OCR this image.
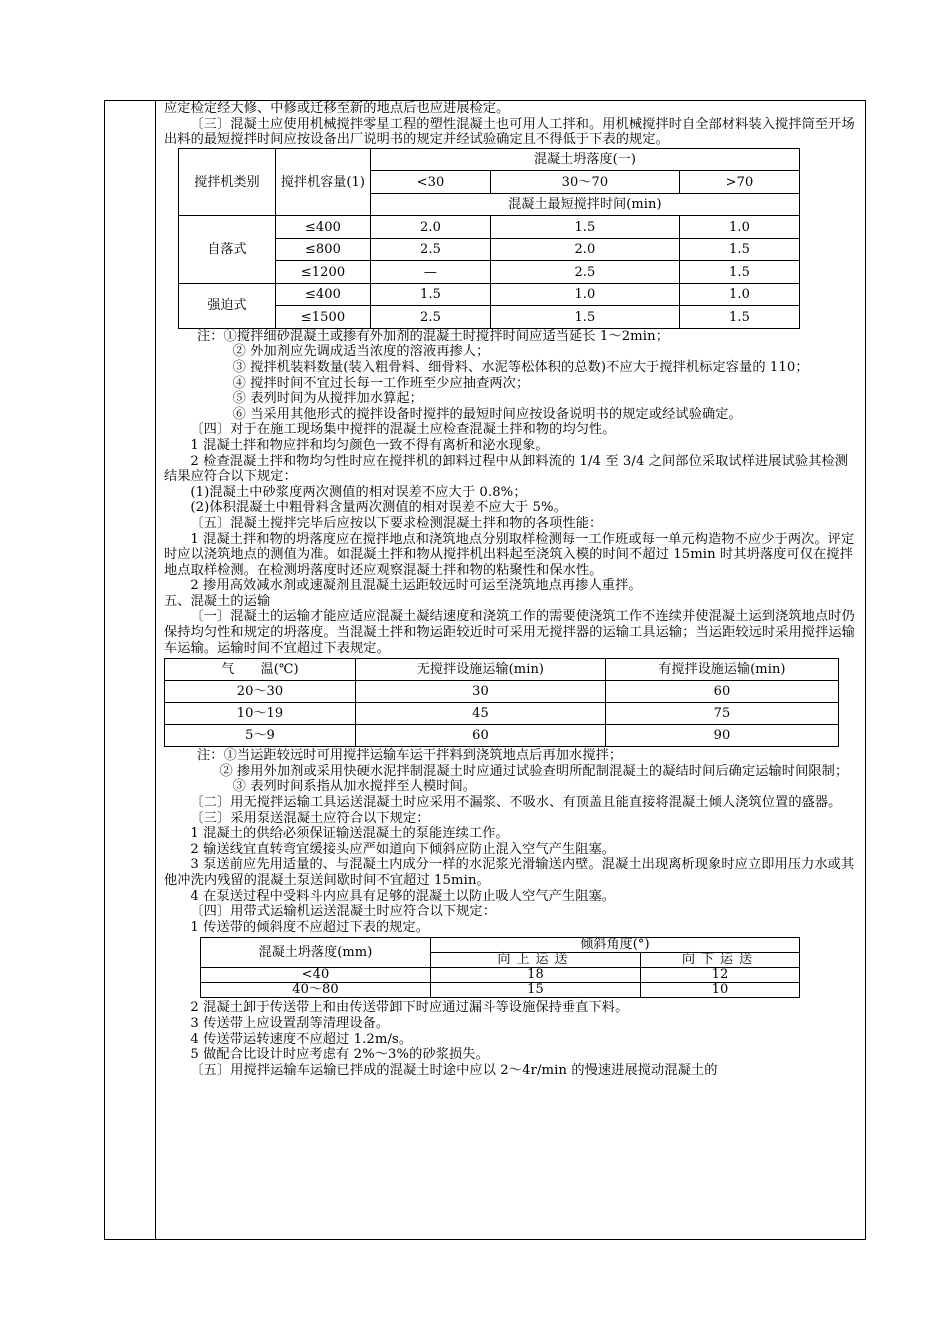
应定检定经大修、中修或迁移至新的地点后也应进展检定。

〔三〕混凝土应使用机械搅拌零星工程的塑性混凝土也可用人工拌和。用机械搅拌时自全部材料装入搅拌筒至开场出料的最短搅拌时间应按设备出厂说明书的规定并经试验确定且不得低于下表的规定。

搅拌机类别	搅拌机容量(1)	混凝土坍落度(一)		
		<30	30～70	>70
		混凝土最短搅拌时间(min)		
自落式	≤400	2.0	1.5	1.0
	≤800	2.5	2.0	1.5
	≤1200	—	2.5	1.5
强迫式	≤400	1.5	1.0	1.0
	≤1500	2.5	1.5	1.5

注：①搅拌细砂混凝土或掺有外加剂的混凝土时搅拌时间应适当延长 1～2min；

② 外加剂应先调成适当浓度的溶液再掺人；

③ 搅拌机装料数量(装入粗骨料、细骨料、水泥等松体积的总数)不应大于搅拌机标定容量的 110；

④ 搅拌时间不宜过长每一工作班至少应抽查两次；

⑤ 表列时间为从搅拌加水算起；

⑥ 当采用其他形式的搅拌设备时搅拌的最短时间应按设备说明书的规定或经试验确定。

〔四〕对于在施工现场集中搅拌的混凝土应检查混凝土拌和物的均匀性。

1 混凝土拌和物应拌和均匀颜色一致不得有离析和泌水现象。

2 检查混凝土拌和物均匀性时应在搅拌机的卸料过程中从卸料流的 1/4 至 3/4 之间部位采取试样进展试验其检测结果应符合以下规定：

(1)混凝土中砂浆度两次测值的相对误差不应大于 0.8%；

(2)体积混凝土中粗骨料含量两次测值的相对误差不应大于 5%。

〔五〕混凝土搅拌完毕后应按以下要求检测混凝土拌和物的各项性能：

1 混凝土拌和物的坍落度应在搅拌地点和浇筑地点分别取样检测每一工作班或每一单元构造物不应少于两次。评定时应以浇筑地点的测值为准。如混凝土拌和物从搅拌机出料起至浇筑入模的时间不超过 15min 时其坍落度可仅在搅拌地点取样检测。在检测坍落度时还应观察混凝土拌和物的粘聚性和保水性。

2 掺用高效减水剂或速凝剂且混凝土运距较远时可运至浇筑地点再掺人重拌。

五、混凝土的运输

〔一〕混凝土的运输才能应适应混凝土凝结速度和浇筑工作的需要使浇筑工作不连续并使混凝土运到浇筑地点时仍保持均匀性和规定的坍落度。当混凝土拌和物运距较近时可采用无搅拌器的运输工具运输；当运距较远时采用搅拌运输车运输。运输时间不宜超过下表规定。

气　　温(℃)	无搅拌设施运输(min)	有搅拌设施运输(min)
20～30	30	60
10～19	45	75
5～9	60	90

注：①当运距较远时可用搅拌运输车运干拌料到浇筑地点后再加水搅拌；

② 掺用外加剂或采用快硬水泥拌制混凝土时应通过试验查明所配制混凝土的凝结时间后确定运输时间限制；

③ 表列时间系指从加水搅拌至人模时间。

〔二〕用无搅拌运输工具运送混凝土时应采用不漏浆、不吸水、有顶盖且能直接将混凝土倾人浇筑位置的盛器。

〔三〕采用泵送混凝土应符合以下规定：

1 混凝土的供给必须保证输送混凝土的泵能连续工作。

2 输送线宜直转弯宜缓接头应严如道向下倾斜应防止混入空气产生阻塞。

3 泵送前应先用适量的、与混凝土内成分一样的水泥浆光滑输送内壁。混凝土出现离析现象时应立即用压力水或其他冲洗内残留的混凝土泵送间歇时间不宜超过 15min。

4 在泵送过程中受料斗内应具有足够的混凝土以防止吸人空气产生阻塞。

〔四〕用带式运输机运送混凝土时应符合以下规定：

1 传送带的倾斜度不应超过下表的规定。

混凝土坍落度(mm)	倾斜角度(°)	
	向上运送	向下运送
<40	18	12
40～80	15	10

2 混凝土卸于传送带上和由传送带卸下时应通过漏斗等设施保持垂直下料。

3 传送带上应设置刮等清理设备。

4 传送带运转速度不应超过 1.2m/s。

5 做配合比设计时应考虑有 2%～3%的砂浆损失。

〔五〕用搅拌运输车运输已拌成的混凝土时途中应以 2～4r/min 的慢速进展搅动混凝土的
